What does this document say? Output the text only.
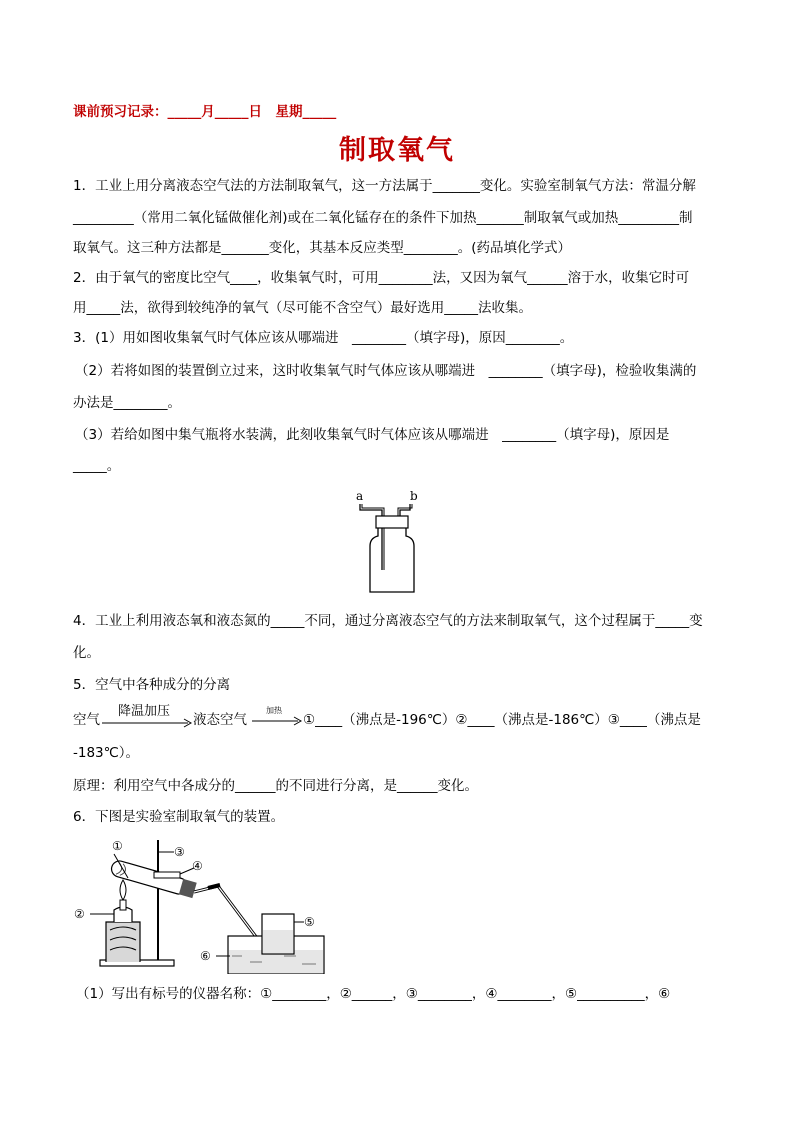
课前预习记录：_____月_____日　星期_____
制取氧气
1．工业上用分离液态空气法的方法制取氧气，这一方法属于_______变化。实验室制氧气方法：常温分解
_________（常用二氧化锰做催化剂)或在二氧化锰存在的条件下加热_______制取氧气或加热_________制
取氧气。这三种方法都是_______变化，其基本反应类型________。(药品填化学式）
2．由于氧气的密度比空气____，收集氧气时，可用________法，又因为氧气______溶于水，收集它时可
用_____法，欲得到较纯净的氧气（尽可能不含空气）最好选用_____法收集。
3．(1）用如图收集氧气时气体应该从哪端进　________（填字母)，原因________。
（2）若将如图的装置倒立过来，这时收集氧气时气体应该从哪端进　________（填字母)，检验收集满的
办法是________。
（3）若给如图中集气瓶将水装满，此刻收集氧气时气体应该从哪端进　________（填字母)，原因是
_____。
a	b
4．工业上利用液态氧和液态氮的_____不同，通过分离液态空气的方法来制取氧气，这个过程属于_____变
化。
5．空气中各种成分的分离
空气
降温加压
液态空气
加热
①____（沸点是-196℃）②____（沸点是-186℃）③____（沸点是
-183℃）。
原理：利用空气中各成分的______的不同进行分离，是______变化。
6．下图是实验室制取氧气的装置。
①
②
③
④
⑤
⑥
（1）写出有标号的仪器名称：①________，②______，③________，④________，⑤__________，⑥
